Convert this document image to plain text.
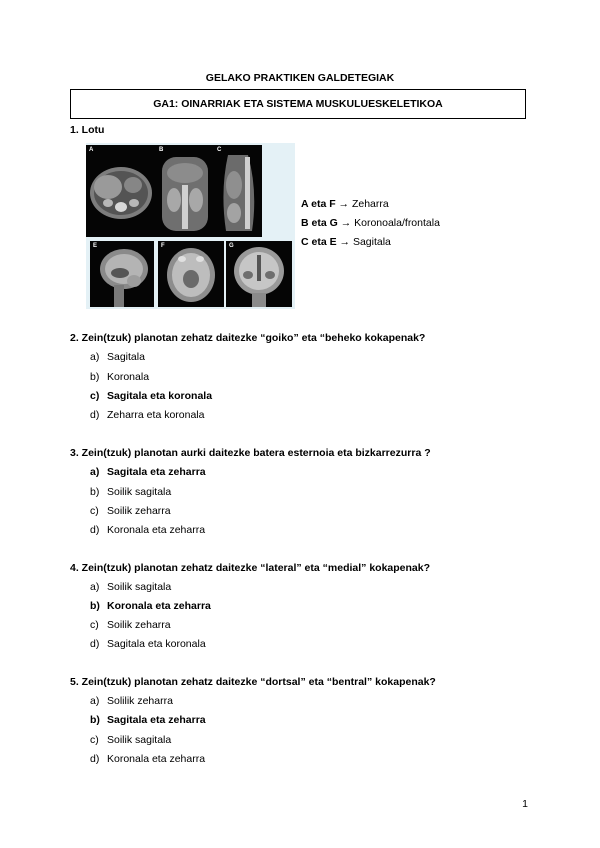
GELAKO PRAKTIKEN GALDETEGIAK
GA1: OINARRIAK ETA SISTEMA MUSKULUESKELETIKOA
1. Lotu
A	B	C
E	F	G
A eta F → Zeharra
B eta G → Koronoala/frontala
C eta E → Sagitala
2. Zein(tzuk) planotan zehatz daitezke “goiko” eta “beheko kokapenak?
a) Sagitala
b) Koronala
c) Sagitala eta koronala
d) Zeharra eta koronala
3. Zein(tzuk) planotan aurki daitezke batera esternoia eta bizkarrezurra ?
a) Sagitala eta zeharra
b) Soilik sagitala
c) Soilik zeharra
d) Koronala eta zeharra
4. Zein(tzuk) planotan zehatz daitezke “lateral” eta “medial” kokapenak?
a) Soilik sagitala
b) Koronala eta zeharra
c) Soilik zeharra
d) Sagitala eta koronala
5. Zein(tzuk) planotan zehatz daitezke “dortsal” eta “bentral” kokapenak?
a) Solilik zeharra
b) Sagitala eta zeharra
c) Soilik sagitala
d) Koronala eta zeharra
1
